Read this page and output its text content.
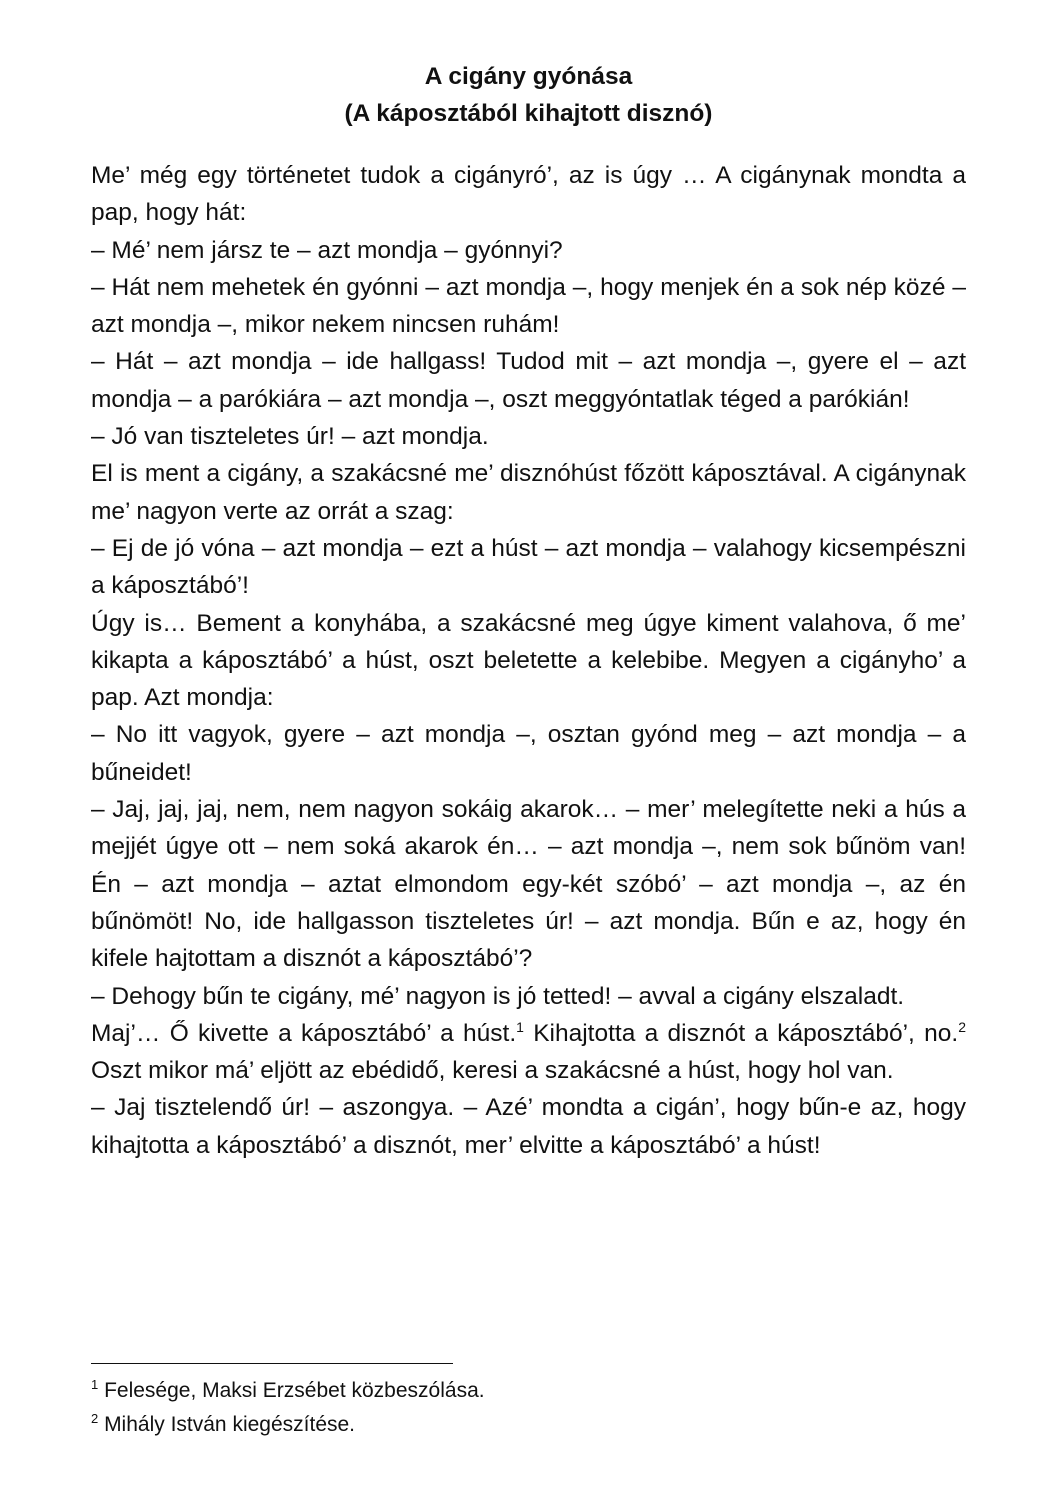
A cigány gyónása
(A káposztából kihajtott disznó)

Me’ még egy történetet tudok a cigányró’, az is úgy … A cigánynak mondta a pap, hogy hát:

– Mé’ nem jársz te – azt mondja – gyónnyi?

– Hát nem mehetek én gyónni – azt mondja –, hogy menjek én a sok nép közé – azt mondja –, mikor nekem nincsen ruhám!

– Hát – azt mondja – ide hallgass! Tudod mit – azt mondja –, gyere el – azt mondja – a parókiára – azt mondja –, oszt meggyóntatlak téged a parókián!

– Jó van tiszteletes úr! – azt mondja.

El is ment a cigány, a szakácsné me’ disznóhúst főzött káposztával. A cigánynak me’ nagyon verte az orrát a szag:

– Ej de jó vóna – azt mondja – ezt a húst – azt mondja – valahogy kicsempészni a káposztábó’!

Úgy is… Bement a konyhába, a szakácsné meg úgye kiment valahova, ő me’ kikapta a káposztábó’ a húst, oszt beletette a kelebibe. Megyen a cigányho’ a pap. Azt mondja:

– No itt vagyok, gyere – azt mondja –, osztan gyónd meg – azt mondja – a bűneidet!

– Jaj, jaj, jaj, nem, nem nagyon sokáig akarok… – mer’ melegítette neki a hús a mejjét úgye ott – nem soká akarok én… – azt mondja –, nem sok bűnöm van! Én – azt mondja – aztat elmondom egy-két szóbó’ – azt mondja –, az én bűnömöt! No, ide hallgasson tiszteletes úr! – azt mondja. Bűn e az, hogy én kifele hajtottam a disznót a káposztábó’?

– Dehogy bűn te cigány, mé’ nagyon is jó tetted! – avval a cigány elszaladt.

Maj’… Ő kivette a káposztábó’ a húst.$^1$ Kihajtotta a disznót a káposztábó’, no.$^2$ Oszt mikor má’ eljött az ebédidő, keresi a szakácsné a húst, hogy hol van.

– Jaj tisztelendő úr! – aszongya. – Azé’ mondta a cigán’, hogy bűn-e az, hogy kihajtotta a káposztábó’ a disznót, mer’ elvitte a káposztábó’ a húst!

$^1$ Felesége, Maksi Erzsébet közbeszólása.
$^2$ Mihály István kiegészítése.
